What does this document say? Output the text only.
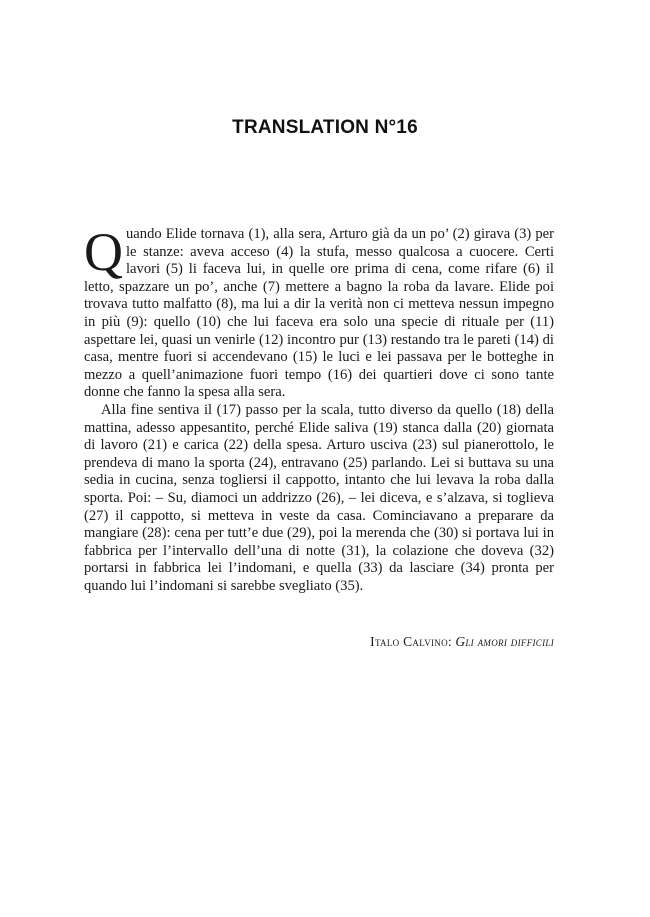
TRANSLATION N°16

Quando Elide tornava (1), alla sera, Arturo già da un po’ (2) girava (3) per le stanze: aveva acceso (4) la stufa, messo qualcosa a cuocere. Certi lavori (5) li faceva lui, in quelle ore prima di cena, come rifare (6) il letto, spazzare un po’, anche (7) mettere a bagno la roba da lavare. Elide poi trovava tutto malfatto (8), ma lui a dir la verità non ci metteva nessun impegno in più (9): quello (10) che lui faceva era solo una specie di rituale per (11) aspettare lei, quasi un venirle (12) incontro pur (13) restando tra le pareti (14) di casa, mentre fuori si accendevano (15) le luci e lei passava per le botteghe in mezzo a quell’animazione fuori tempo (16) dei quartieri dove ci sono tante donne che fanno la spesa alla sera.

Alla fine sentiva il (17) passo per la scala, tutto diverso da quello (18) della mattina, adesso appesantito, perché Elide saliva (19) stanca dalla (20) giornata di lavoro (21) e carica (22) della spesa. Arturo usciva (23) sul pianerottolo, le prendeva di mano la sporta (24), entravano (25) parlando. Lei si buttava su una sedia in cucina, senza togliersi il cappotto, intanto che lui levava la roba dalla sporta. Poi: – Su, diamoci un addrizzo (26), – lei diceva, e s’alzava, si toglieva (27) il cappotto, si metteva in veste da casa. Cominciavano a preparare da mangiare (28): cena per tutt’e due (29), poi la merenda che (30) si portava lui in fabbrica per l’intervallo dell’una di notte (31), la colazione che doveva (32) portarsi in fabbrica lei l’indomani, e quella (33) da lasciare (34) pronta per quando lui l’indomani si sarebbe svegliato (35).

Italo Calvino: Gli amori difficili
